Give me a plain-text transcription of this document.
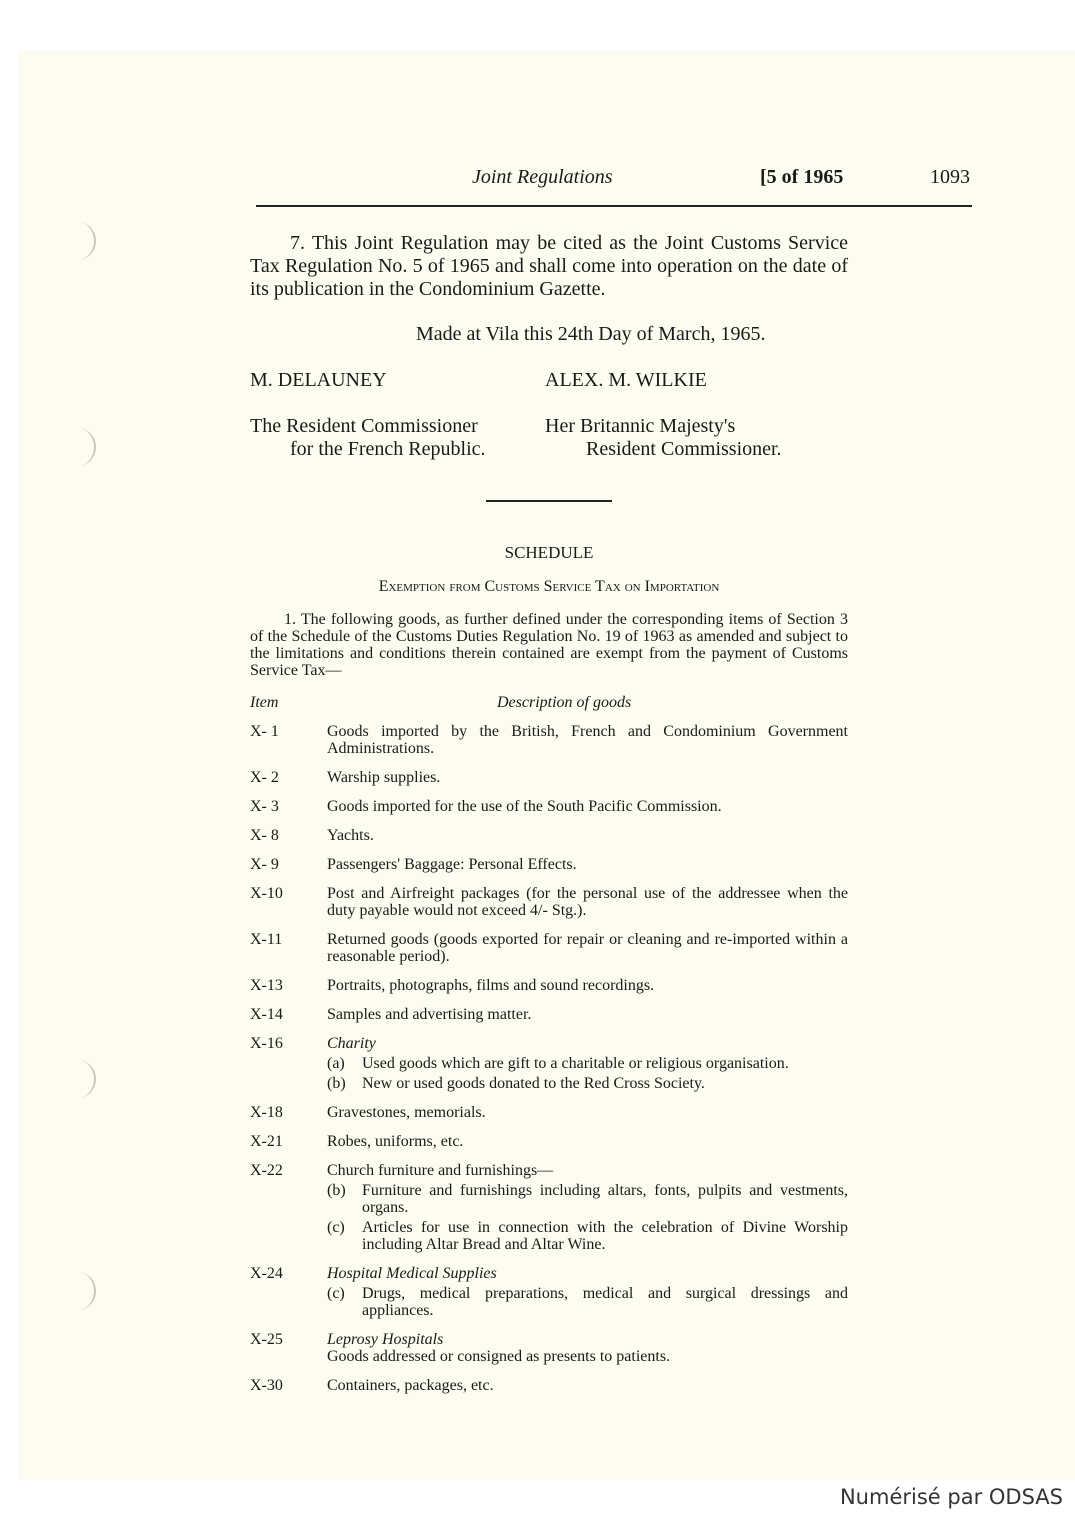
Joint Regulations	[5 of 1965	1093
7. This Joint Regulation may be cited as the Joint Customs Service Tax Regulation No. 5 of 1965 and shall come into operation on the date of its publication in the Condominium Gazette.
Made at Vila this 24th Day of March, 1965.
M. DELAUNEY	ALEX. M. WILKIE
The Resident Commissioner
for the French Republic.
Her Britannic Majesty's
Resident Commissioner.
SCHEDULE
Exemption from Customs Service Tax on Importation
1. The following goods, as further defined under the corresponding items of Section 3 of the Schedule of the Customs Duties Regulation No. 19 of 1963 as amended and subject to the limitations and conditions therein contained are exempt from the payment of Customs Service Tax—
Item	Description of goods
X- 1	Goods imported by the British, French and Condominium Government Administrations.
X- 2	Warship supplies.
X- 3	Goods imported for the use of the South Pacific Commission.
X- 8	Yachts.
X- 9	Passengers' Baggage: Personal Effects.
X-10	Post and Airfreight packages (for the personal use of the addressee when the duty payable would not exceed 4/- Stg.).
X-11	Returned goods (goods exported for repair or cleaning and re-imported within a reasonable period).
X-13	Portraits, photographs, films and sound recordings.
X-14	Samples and advertising matter.
X-16	Charity
(a)	Used goods which are gift to a charitable or religious organisation.
(b)	New or used goods donated to the Red Cross Society.
X-18	Gravestones, memorials.
X-21	Robes, uniforms, etc.
X-22	Church furniture and furnishings—
(b)	Furniture and furnishings including altars, fonts, pulpits and vestments, organs.
(c)	Articles for use in connection with the celebration of Divine Worship including Altar Bread and Altar Wine.
X-24	Hospital Medical Supplies
(c)	Drugs, medical preparations, medical and surgical dressings and appliances.
X-25	Leprosy Hospitals
Goods addressed or consigned as presents to patients.
X-30	Containers, packages, etc.
Numérisé par ODSAS
